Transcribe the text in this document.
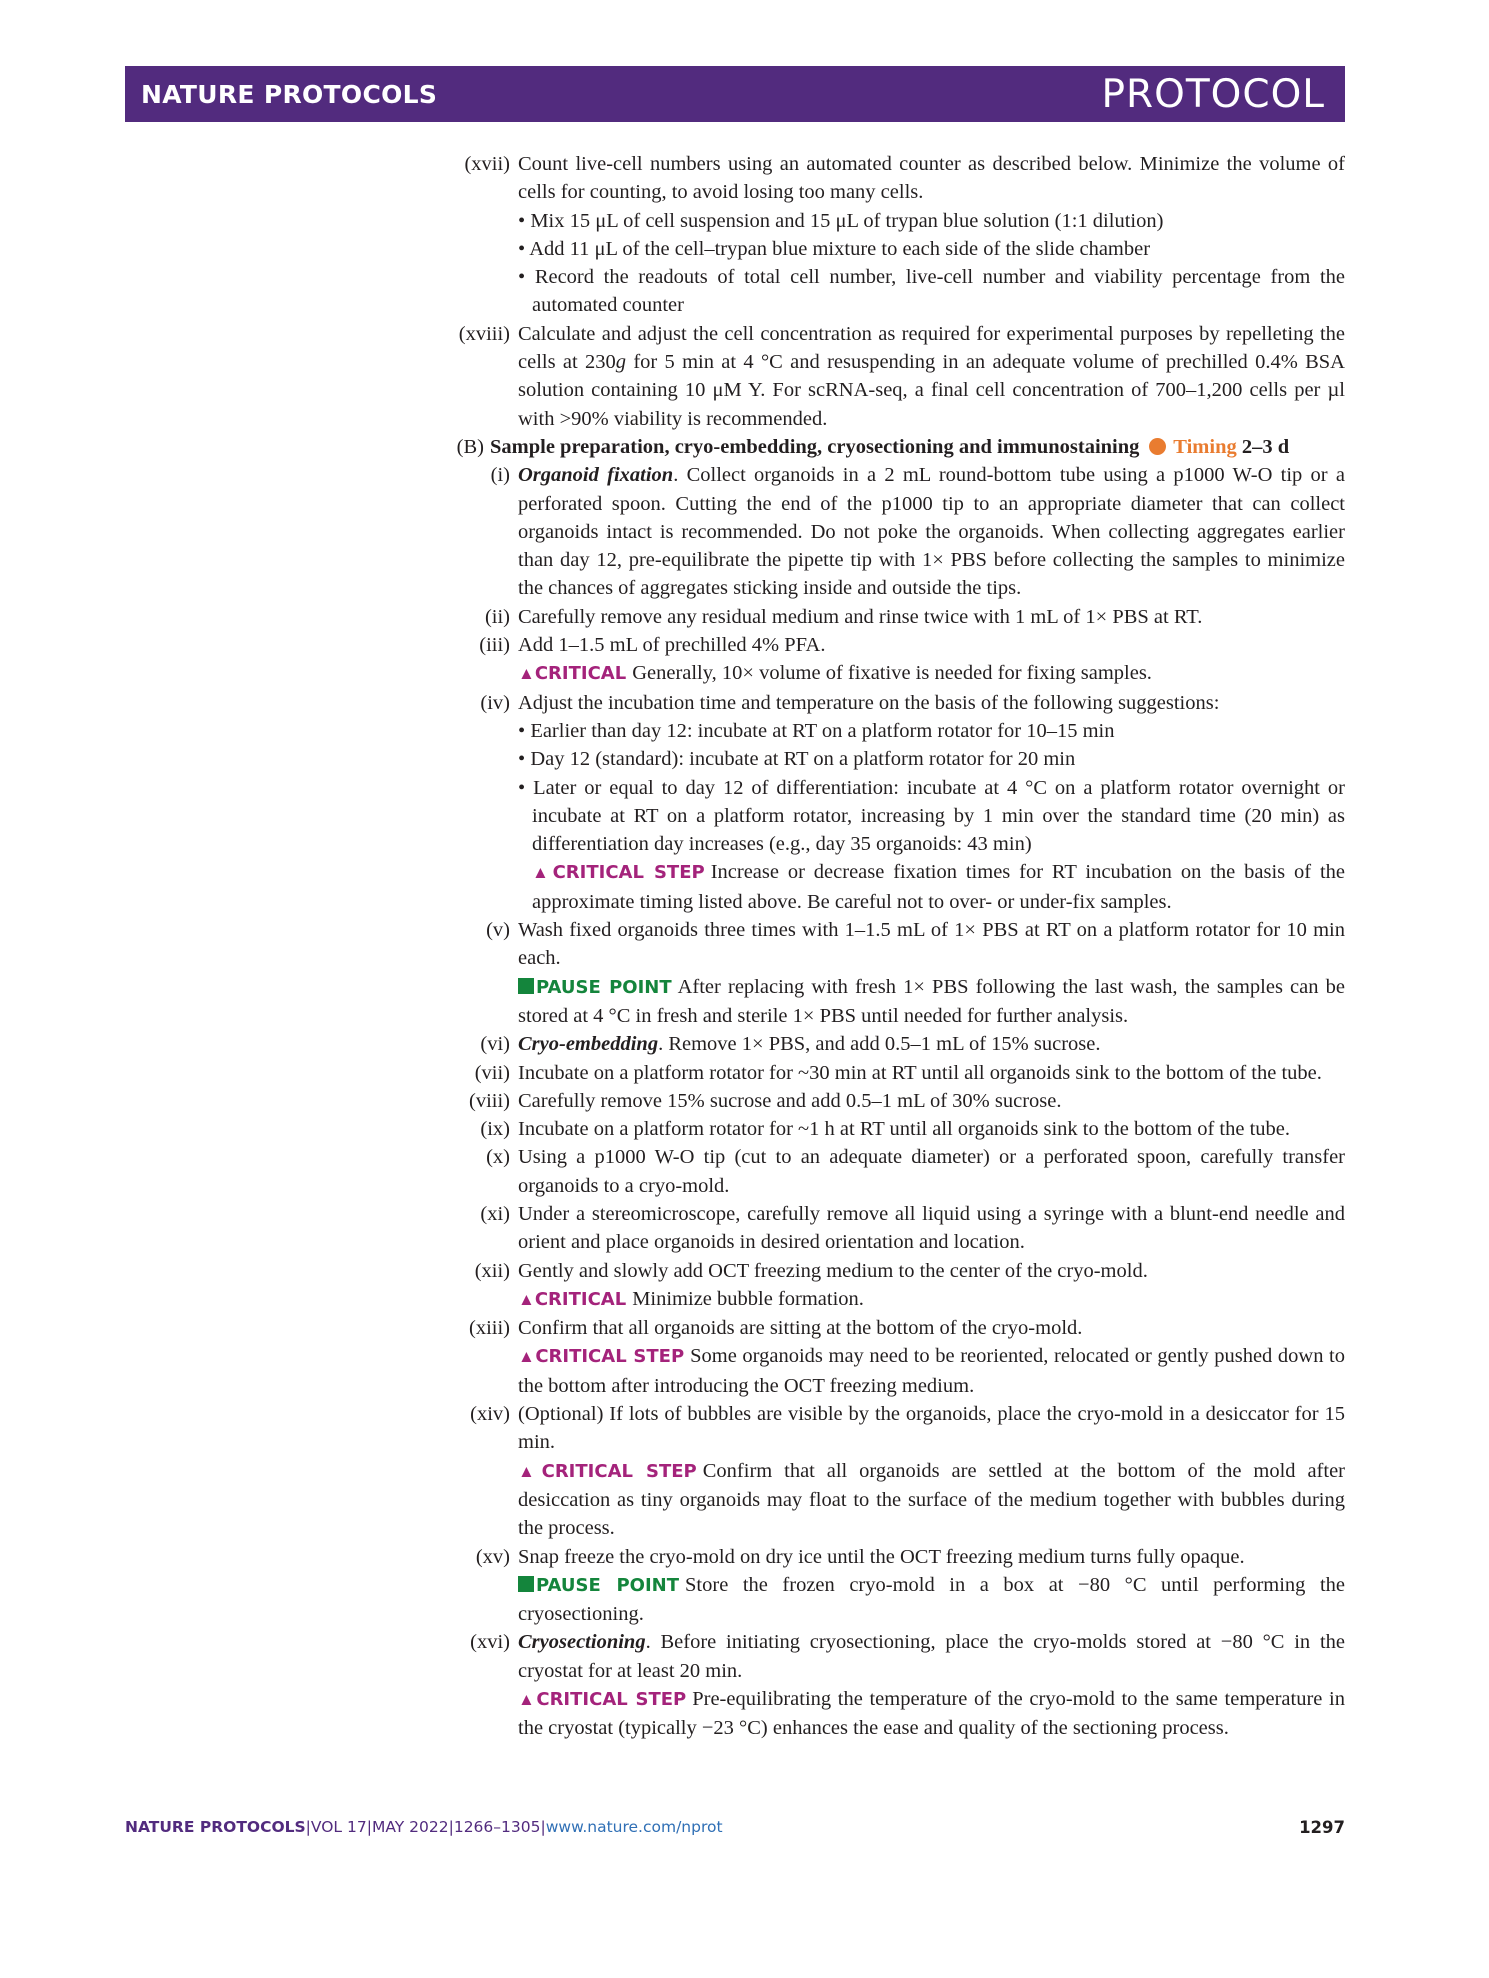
NATURE PROTOCOLS	PROTOCOL
(xvii) Count live-cell numbers using an automated counter as described below. Minimize the volume of cells for counting, to avoid losing too many cells.
• Mix 15 μL of cell suspension and 15 μL of trypan blue solution (1:1 dilution)
• Add 11 μL of the cell–trypan blue mixture to each side of the slide chamber
• Record the readouts of total cell number, live-cell number and viability percentage from the automated counter
(xviii) Calculate and adjust the cell concentration as required for experimental purposes by repelleting the cells at 230g for 5 min at 4 °C and resuspending in an adequate volume of prechilled 0.4% BSA solution containing 10 μM Y. For scRNA-seq, a final cell concentration of 700–1,200 cells per µl with >90% viability is recommended.
(B) Sample preparation, cryo-embedding, cryosectioning and immunostaining Timing 2–3 d
(i) Organoid fixation. Collect organoids in a 2 mL round-bottom tube using a p1000 W-O tip or a perforated spoon. Cutting the end of the p1000 tip to an appropriate diameter that can collect organoids intact is recommended. Do not poke the organoids. When collecting aggregates earlier than day 12, pre-equilibrate the pipette tip with 1× PBS before collecting the samples to minimize the chances of aggregates sticking inside and outside the tips.
(ii) Carefully remove any residual medium and rinse twice with 1 mL of 1× PBS at RT.
(iii) Add 1–1.5 mL of prechilled 4% PFA.
▲CRITICAL Generally, 10× volume of fixative is needed for fixing samples.
(iv) Adjust the incubation time and temperature on the basis of the following suggestions:
• Earlier than day 12: incubate at RT on a platform rotator for 10–15 min
• Day 12 (standard): incubate at RT on a platform rotator for 20 min
• Later or equal to day 12 of differentiation: incubate at 4 °C on a platform rotator overnight or incubate at RT on a platform rotator, increasing by 1 min over the standard time (20 min) as differentiation day increases (e.g., day 35 organoids: 43 min)
▲CRITICAL STEP Increase or decrease fixation times for RT incubation on the basis of the approximate timing listed above. Be careful not to over- or under-fix samples.
(v) Wash fixed organoids three times with 1–1.5 mL of 1× PBS at RT on a platform rotator for 10 min each.
PAUSE POINT After replacing with fresh 1× PBS following the last wash, the samples can be stored at 4 °C in fresh and sterile 1× PBS until needed for further analysis.
(vi) Cryo-embedding. Remove 1× PBS, and add 0.5–1 mL of 15% sucrose.
(vii) Incubate on a platform rotator for ~30 min at RT until all organoids sink to the bottom of the tube.
(viii) Carefully remove 15% sucrose and add 0.5–1 mL of 30% sucrose.
(ix) Incubate on a platform rotator for ~1 h at RT until all organoids sink to the bottom of the tube.
(x) Using a p1000 W-O tip (cut to an adequate diameter) or a perforated spoon, carefully transfer organoids to a cryo-mold.
(xi) Under a stereomicroscope, carefully remove all liquid using a syringe with a blunt-end needle and orient and place organoids in desired orientation and location.
(xii) Gently and slowly add OCT freezing medium to the center of the cryo-mold.
▲CRITICAL Minimize bubble formation.
(xiii) Confirm that all organoids are sitting at the bottom of the cryo-mold.
▲CRITICAL STEP Some organoids may need to be reoriented, relocated or gently pushed down to the bottom after introducing the OCT freezing medium.
(xiv) (Optional) If lots of bubbles are visible by the organoids, place the cryo-mold in a desiccator for 15 min.
▲CRITICAL STEP Confirm that all organoids are settled at the bottom of the mold after desiccation as tiny organoids may float to the surface of the medium together with bubbles during the process.
(xv) Snap freeze the cryo-mold on dry ice until the OCT freezing medium turns fully opaque.
PAUSE POINT Store the frozen cryo-mold in a box at −80 °C until performing the cryosectioning.
(xvi) Cryosectioning. Before initiating cryosectioning, place the cryo-molds stored at −80 °C in the cryostat for at least 20 min.
▲CRITICAL STEP Pre-equilibrating the temperature of the cryo-mold to the same temperature in the cryostat (typically −23 °C) enhances the ease and quality of the sectioning process.
NATURE PROTOCOLS|VOL 17|MAY 2022|1266–1305|www.nature.com/nprot	1297
